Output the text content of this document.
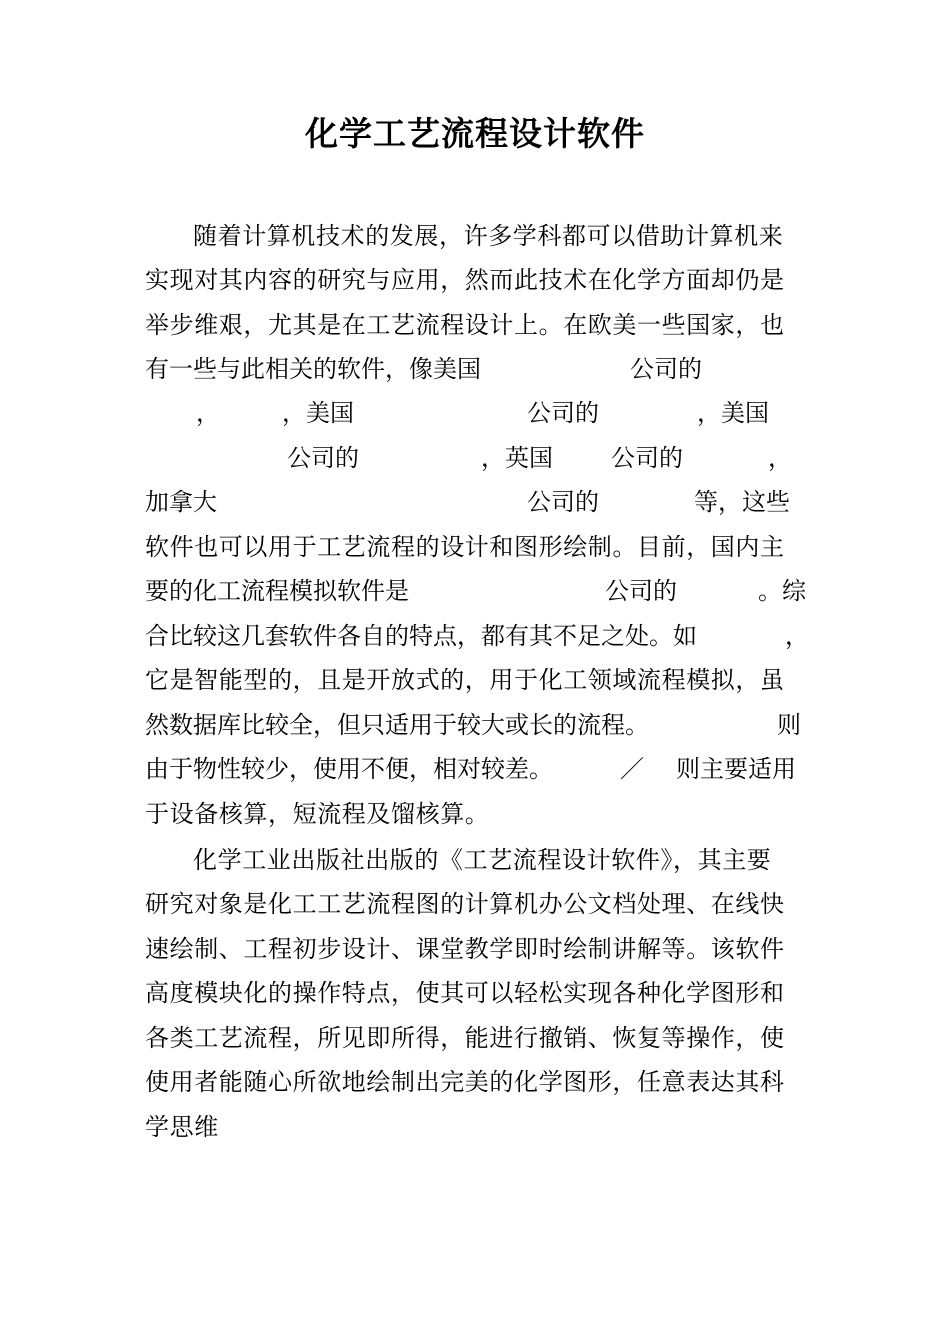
化学工艺流程设计软件
随着计算机技术的发展，许多学科都可以借助计算机来
实现对其内容的研究与应用，然而此技术在化学方面却仍是
举步维艰，尤其是在工艺流程设计上。在欧美一些国家，也
有一些与此相关的软件，像美国	公司的
，	，美国	公司的	，美国
公司的	，英国 公司的	，
加拿大	公司的	等，这些
软件也可以用于工艺流程的设计和图形绘制。目前，国内主
要的化工流程模拟软件是	公司的	。综
合比较这几套软件各自的特点，都有其不足之处。如	，
它是智能型的，且是开放式的，用于化工领域流程模拟，虽
然数据库比较全，但只适用于较大或长的流程。	则
由于物性较少，使用不便，相对较差。	／ 则主要适用
于设备核算，短流程及馏核算。
化学工业出版社出版的《工艺流程设计软件》，其主要
研究对象是化工工艺流程图的计算机办公文档处理、在线快
速绘制、工程初步设计、课堂教学即时绘制讲解等。该软件
高度模块化的操作特点，使其可以轻松实现各种化学图形和
各类工艺流程，所见即所得，能进行撤销、恢复等操作，使
使用者能随心所欲地绘制出完美的化学图形，任意表达其科
学思维
